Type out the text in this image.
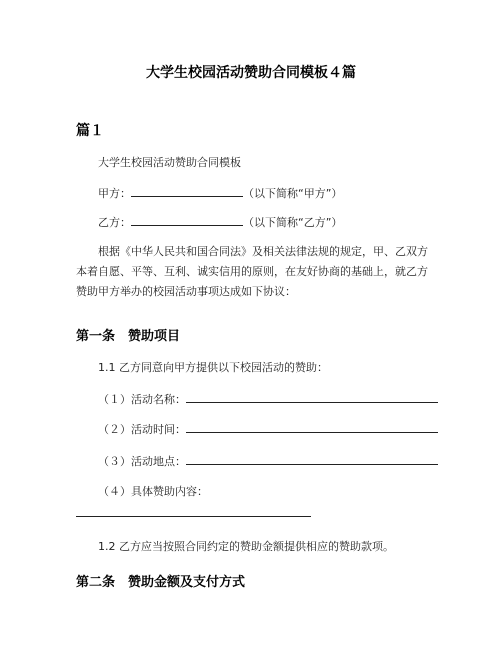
大学生校园活动赞助合同模板４篇
篇１
大学生校园活动赞助合同模板
甲方：	（以下简称“甲方”）
乙方：	（以下简称“乙方”）
根据《中华人民共和国合同法》及相关法律法规的规定，甲、乙双方本着自愿、平等、互利、诚实信用的原则，在友好协商的基础上，就乙方赞助甲方举办的校园活动事项达成如下协议：
第一条　赞助项目
1.1 乙方同意向甲方提供以下校园活动的赞助：
（１）活动名称：
（２）活动时间：
（３）活动地点：
（４）具体赞助内容：
1.2 乙方应当按照合同约定的赞助金额提供相应的赞助款项。
第二条　赞助金额及支付方式
